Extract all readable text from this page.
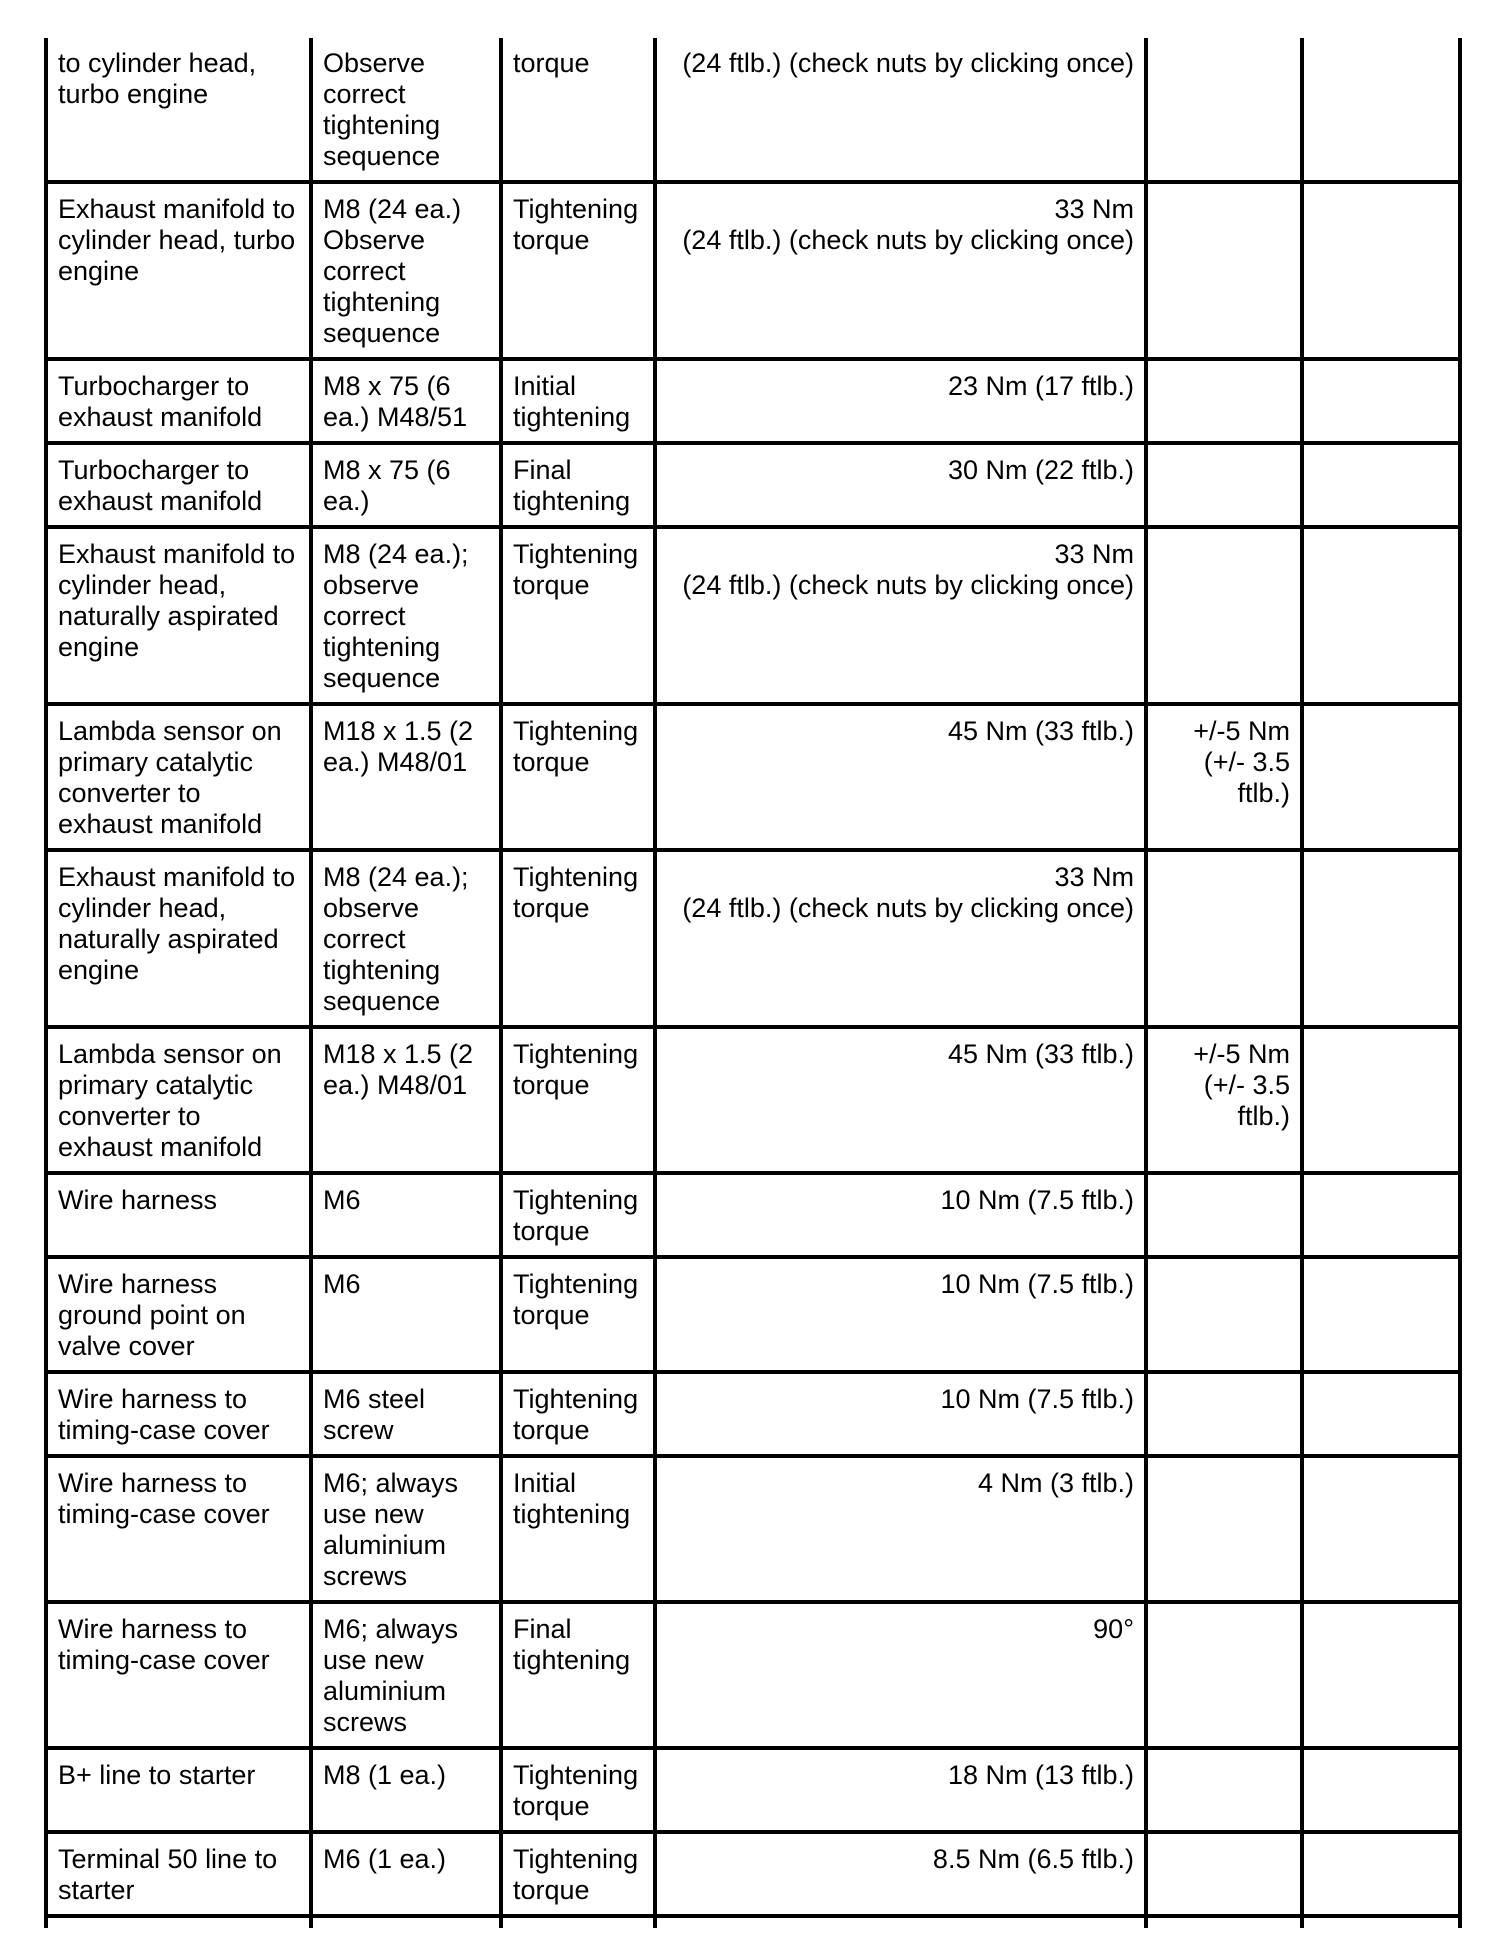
to cylinder head, turbo engine	Observe correct tightening sequence	torque	(24 ftlb.) (check nuts by clicking once)		

Exhaust manifold to cylinder head, turbo engine	M8 (24 ea.) Observe correct tightening sequence	Tightening torque	33 Nm
(24 ftlb.) (check nuts by clicking once)		

Turbocharger to exhaust manifold	M8 x 75 (6 ea.) M48/51	Initial tightening	23 Nm (17 ftlb.)		

Turbocharger to exhaust manifold	M8 x 75 (6 ea.)	Final tightening	30 Nm (22 ftlb.)		

Exhaust manifold to cylinder head, naturally aspirated engine	M8 (24 ea.); observe correct tightening sequence	Tightening torque	33 Nm
(24 ftlb.) (check nuts by clicking once)		

Lambda sensor on primary catalytic converter to exhaust manifold	M18 x 1.5 (2 ea.) M48/01	Tightening torque	45 Nm (33 ftlb.)	+/-5 Nm (+/- 3.5 ftlb.)	
Exhaust manifold to cylinder head, naturally aspirated engine	M8 (24 ea.); observe correct tightening sequence	Tightening torque	33 Nm
(24 ftlb.) (check nuts by clicking once)		

Lambda sensor on primary catalytic converter to exhaust manifold	M18 x 1.5 (2 ea.) M48/01	Tightening torque	45 Nm (33 ftlb.)	+/-5 Nm (+/- 3.5 ftlb.)	
Wire harness	M6	Tightening torque	10 Nm (7.5 ftlb.)		

Wire harness ground point on valve cover	M6	Tightening torque	10 Nm (7.5 ftlb.)		

Wire harness to timing-case cover	M6 steel screw	Tightening torque	10 Nm (7.5 ftlb.)		

Wire harness to timing-case cover	M6; always use new aluminium screws	Initial tightening	4 Nm (3 ftlb.)		

Wire harness to timing-case cover	M6; always use new aluminium screws	Final tightening	90°		

B+ line to starter	M8 (1 ea.)	Tightening torque	18 Nm (13 ftlb.)		

Terminal 50 line to starter	M6 (1 ea.)	Tightening torque	8.5 Nm (6.5 ftlb.)		
